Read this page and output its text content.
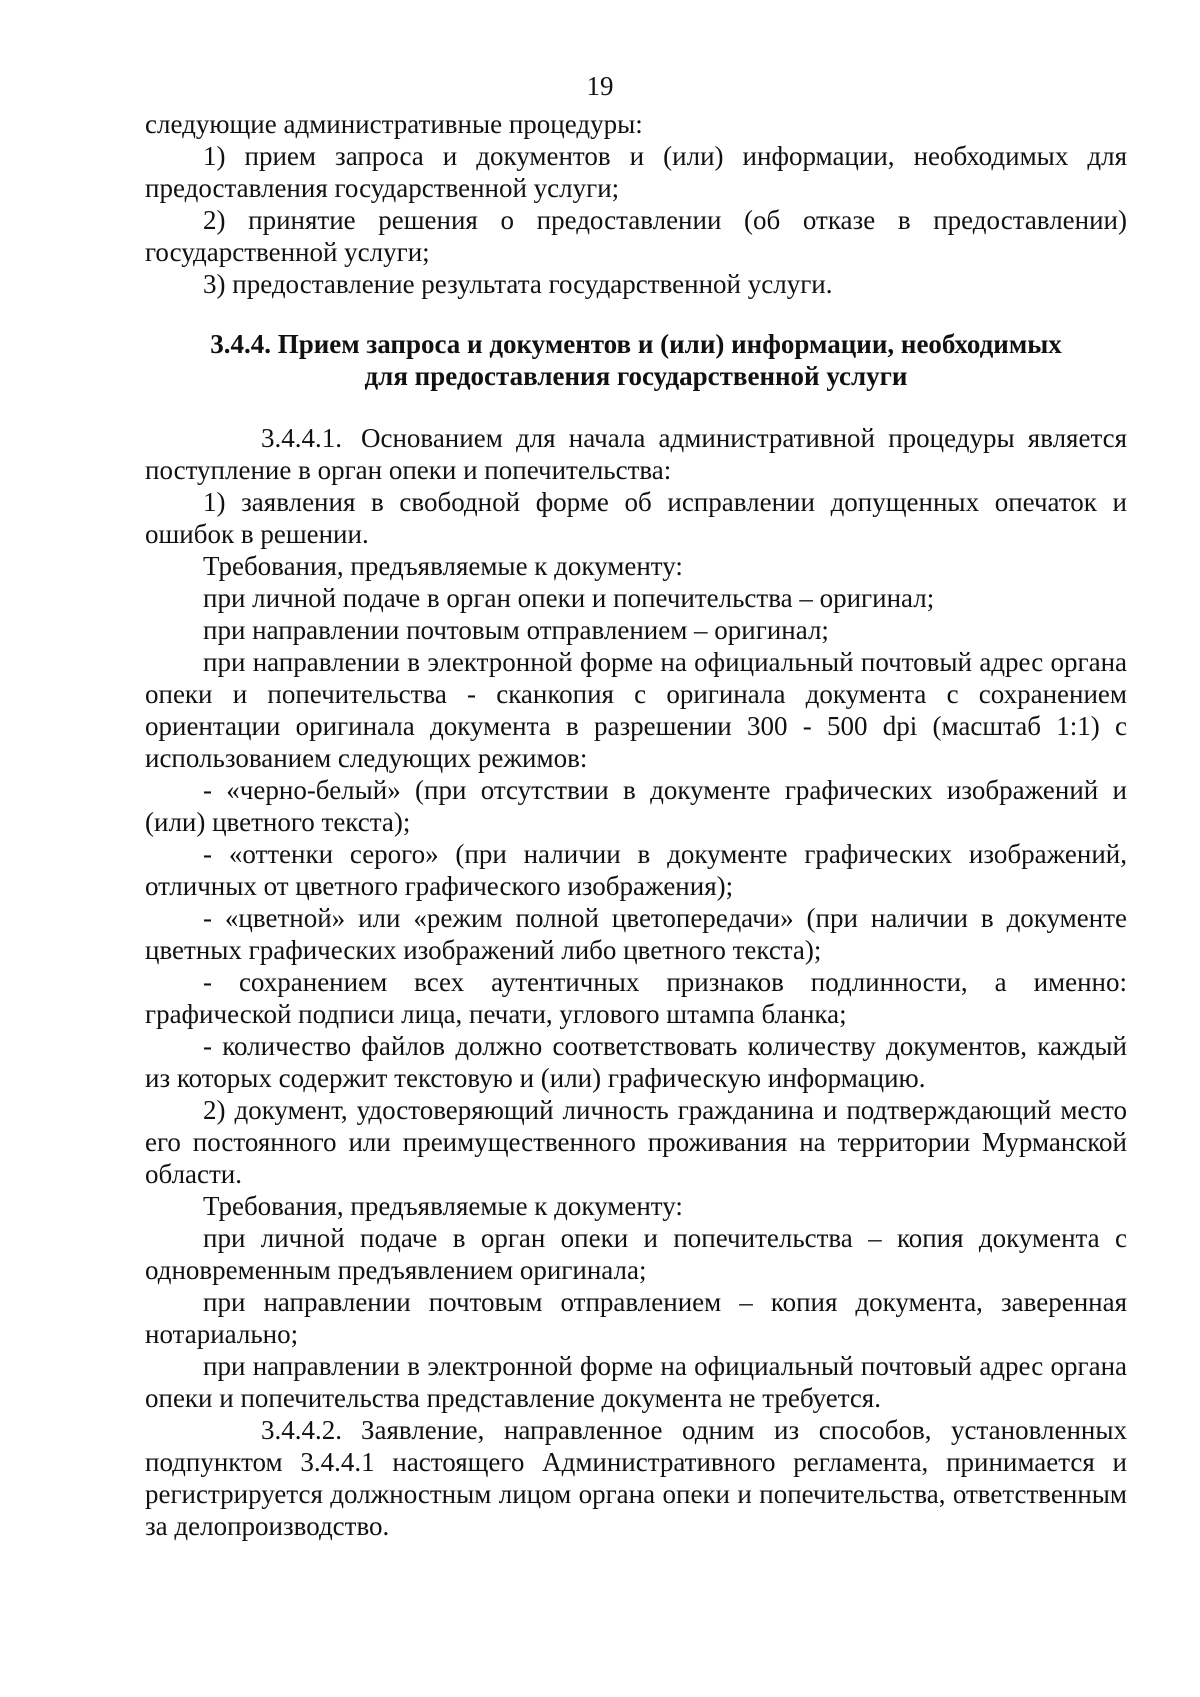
19

следующие административные процедуры:

1) прием запроса и документов и (или) информации, необходимых для предоставления государственной услуги;

2) принятие решения о предоставлении (об отказе в предоставлении) государственной услуги;

3) предоставление результата государственной услуги.

3.4.4. Прием запроса и документов и (или) информации, необходимых
для предоставления государственной услуги

3.4.4.1. Основанием для начала административной процедуры является поступление в орган опеки и попечительства:

1) заявления в свободной форме об исправлении допущенных опечаток и ошибок в решении.

Требования, предъявляемые к документу:

при личной подаче в орган опеки и попечительства – оригинал;

при направлении почтовым отправлением – оригинал;

при направлении в электронной форме на официальный почтовый адрес органа опеки и попечительства - сканкопия с оригинала документа с сохранением ориентации оригинала документа в разрешении 300 - 500 dpi (масштаб 1:1) с использованием следующих режимов:

- «черно-белый» (при отсутствии в документе графических изображений и (или) цветного текста);

- «оттенки серого» (при наличии в документе графических изображений, отличных от цветного графического изображения);

- «цветной» или «режим полной цветопередачи» (при наличии в документе цветных графических изображений либо цветного текста);

- сохранением всех аутентичных признаков подлинности, а именно: графической подписи лица, печати, углового штампа бланка;

- количество файлов должно соответствовать количеству документов, каждый из которых содержит текстовую и (или) графическую информацию.

2) документ, удостоверяющий личность гражданина и подтверждающий место его постоянного или преимущественного проживания на территории Мурманской области.

Требования, предъявляемые к документу:

при личной подаче в орган опеки и попечительства – копия документа с одновременным предъявлением оригинала;

при направлении почтовым отправлением – копия документа, заверенная нотариально;

при направлении в электронной форме на официальный почтовый адрес органа опеки и попечительства представление документа не требуется.

3.4.4.2. Заявление, направленное одним из способов, установленных подпунктом 3.4.4.1 настоящего Административного регламента, принимается и регистрируется должностным лицом органа опеки и попечительства, ответственным за делопроизводство.
